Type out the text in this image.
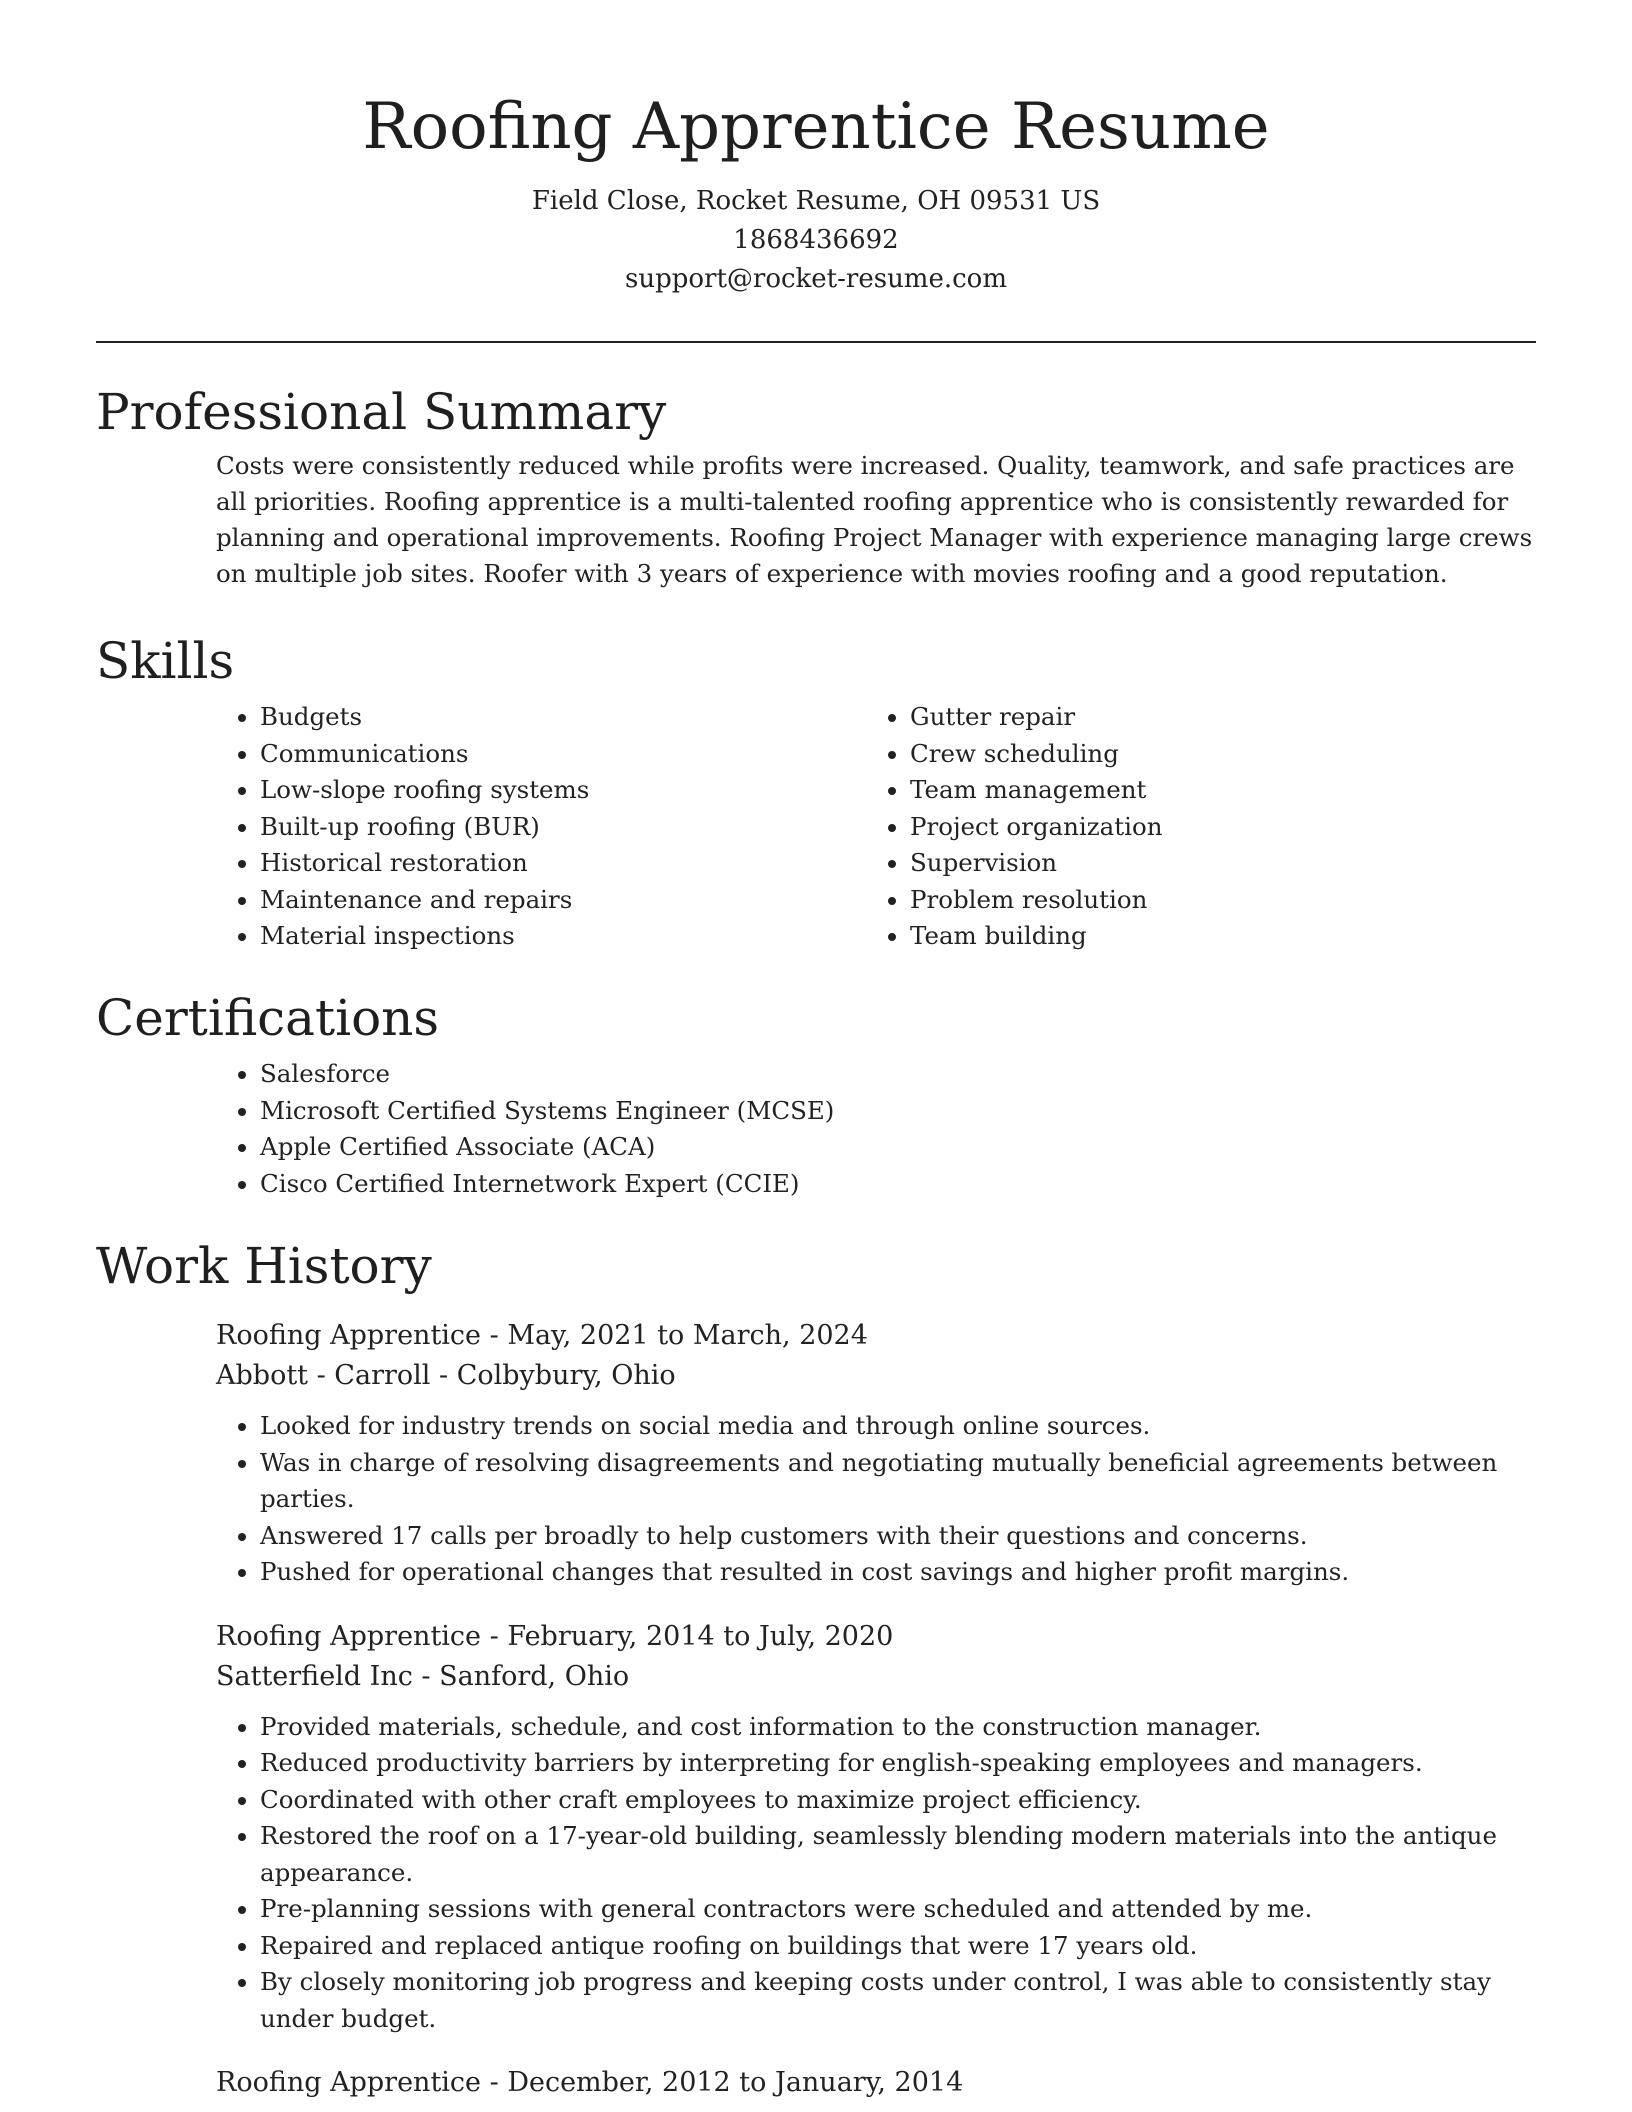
Roofing Apprentice Resume

Field Close, Rocket Resume, OH 09531 US

1868436692

support@rocket-resume.com

Professional Summary

Costs were consistently reduced while profits were increased. Quality, teamwork, and safe practices are all priorities. Roofing apprentice is a multi-talented roofing apprentice who is consistently rewarded for planning and operational improvements. Roofing Project Manager with experience managing large crews on multiple job sites. Roofer with 3 years of experience with movies roofing and a good reputation.

Skills
• Budgets
• Communications
• Low-slope roofing systems
• Built-up roofing (BUR)
• Historical restoration
• Maintenance and repairs
• Material inspections
• Gutter repair
• Crew scheduling
• Team management
• Project organization
• Supervision
• Problem resolution
• Team building
Certifications
• Salesforce
• Microsoft Certified Systems Engineer (MCSE)
• Apple Certified Associate (ACA)
• Cisco Certified Internetwork Expert (CCIE)
Work History

Roofing Apprentice - May, 2021 to March, 2024

Abbott - Carroll - Colbybury, Ohio

• Looked for industry trends on social media and through online sources.
• Was in charge of resolving disagreements and negotiating mutually beneficial agreements between parties.
• Answered 17 calls per broadly to help customers with their questions and concerns.
• Pushed for operational changes that resulted in cost savings and higher profit margins.

Roofing Apprentice - February, 2014 to July, 2020

Satterfield Inc - Sanford, Ohio

• Provided materials, schedule, and cost information to the construction manager.
• Reduced productivity barriers by interpreting for english-speaking employees and managers.
• Coordinated with other craft employees to maximize project efficiency.
• Restored the roof on a 17-year-old building, seamlessly blending modern materials into the antique appearance.
• Pre-planning sessions with general contractors were scheduled and attended by me.
• Repaired and replaced antique roofing on buildings that were 17 years old.
• By closely monitoring job progress and keeping costs under control, I was able to consistently stay under budget.

Roofing Apprentice - December, 2012 to January, 2014
